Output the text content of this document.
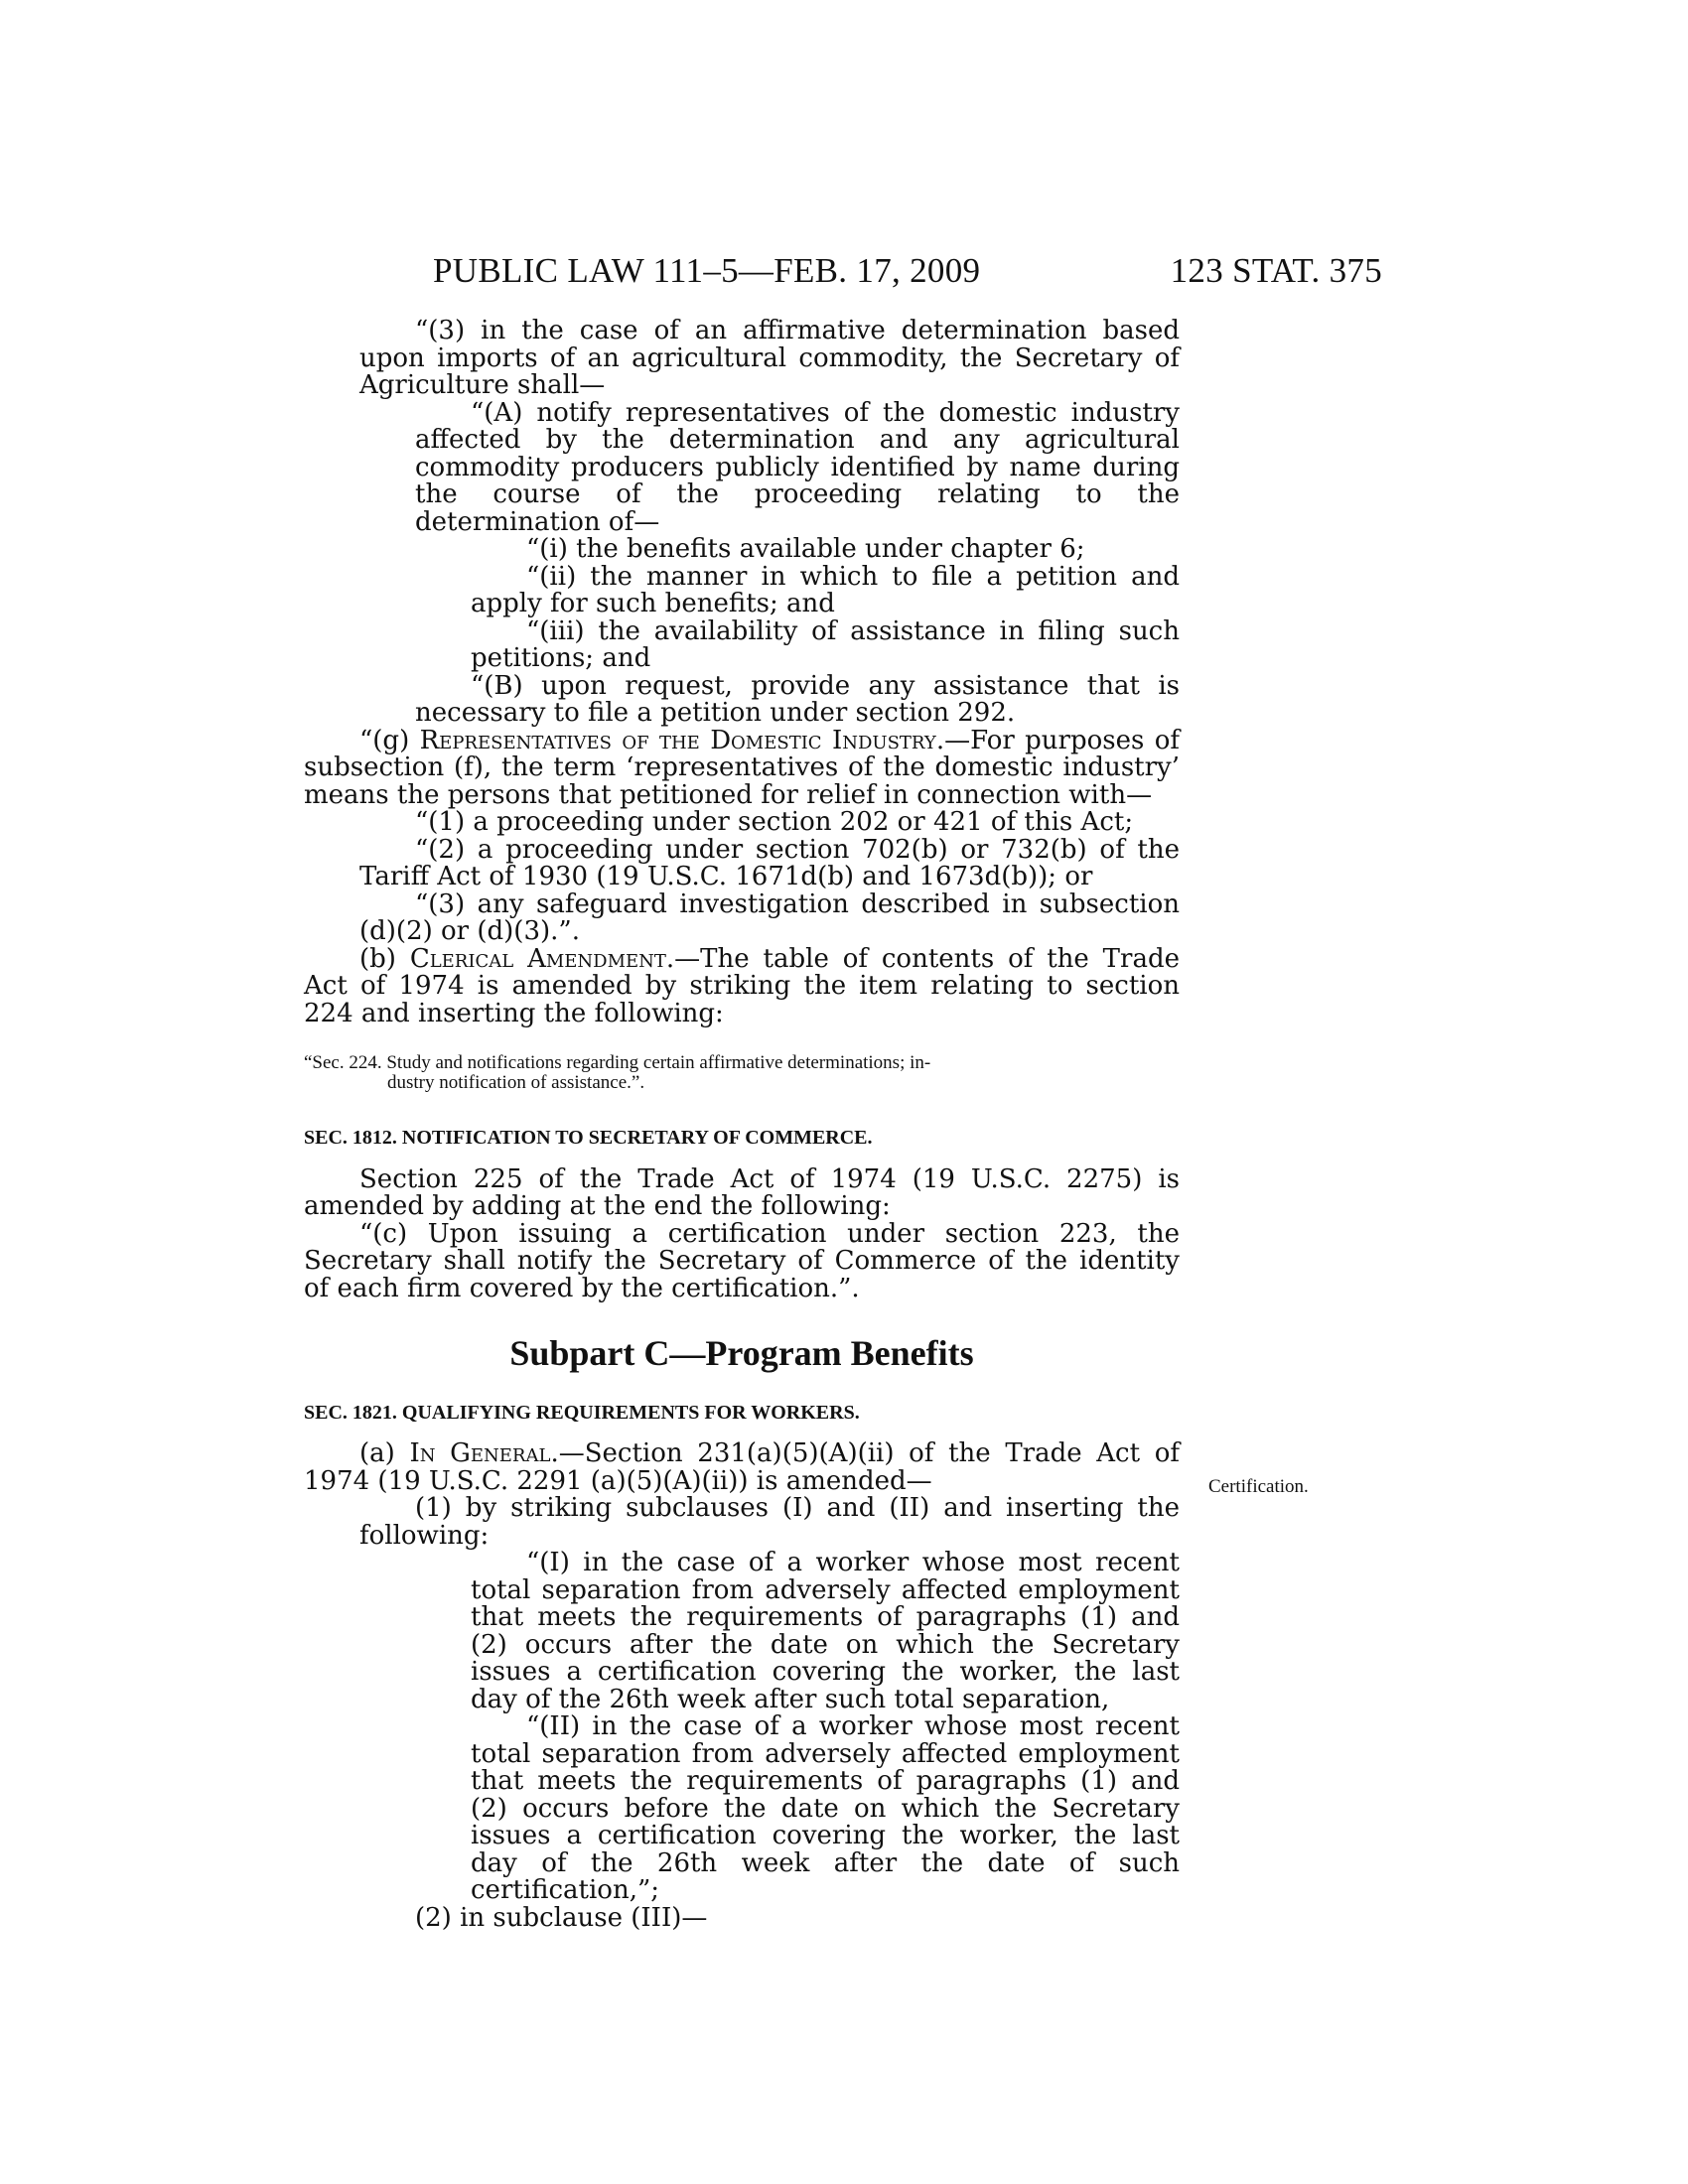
PUBLIC LAW 111–5—FEB. 17, 2009	123 STAT. 375
Certification.

“(3) in the case of an affirmative determination based upon imports of an agricultural commodity, the Secretary of Agriculture shall—

“(A) notify representatives of the domestic industry affected by the determination and any agricultural commodity producers publicly identified by name during the course of the proceeding relating to the determination of—

“(i) the benefits available under chapter 6;

“(ii) the manner in which to file a petition and apply for such benefits; and

“(iii) the availability of assistance in filing such petitions; and

“(B) upon request, provide any assistance that is necessary to file a petition under section 292.

“(g) Representatives of the Domestic Industry.—For purposes of subsection (f), the term ‘representatives of the domestic industry’ means the persons that petitioned for relief in connection with—

“(1) a proceeding under section 202 or 421 of this Act;

“(2) a proceeding under section 702(b) or 732(b) of the Tariff Act of 1930 (19 U.S.C. 1671d(b) and 1673d(b)); or

“(3) any safeguard investigation described in subsection (d)(2) or (d)(3).”.

(b) Clerical Amendment.—The table of contents of the Trade Act of 1974 is amended by striking the item relating to section 224 and inserting the following:

“Sec. 224. Study and notifications regarding certain affirmative determinations; in-
dustry notification of assistance.”.

SEC. 1812. NOTIFICATION TO SECRETARY OF COMMERCE.

Section 225 of the Trade Act of 1974 (19 U.S.C. 2275) is amended by adding at the end the following:

“(c) Upon issuing a certification under section 223, the Secretary shall notify the Secretary of Commerce of the identity of each firm covered by the certification.”.

Subpart C—Program Benefits

SEC. 1821. QUALIFYING REQUIREMENTS FOR WORKERS.

(a) In General.—Section 231(a)(5)(A)(ii) of the Trade Act of 1974 (19 U.S.C. 2291 (a)(5)(A)(ii)) is amended—

(1) by striking subclauses (I) and (II) and inserting the following:

“(I) in the case of a worker whose most recent total separation from adversely affected employment that meets the requirements of paragraphs (1) and (2) occurs after the date on which the Secretary issues a certification covering the worker, the last day of the 26th week after such total separation,

“(II) in the case of a worker whose most recent total separation from adversely affected employment that meets the requirements of paragraphs (1) and (2) occurs before the date on which the Secretary issues a certification covering the worker, the last day of the 26th week after the date of such certification,”;

(2) in subclause (III)—
